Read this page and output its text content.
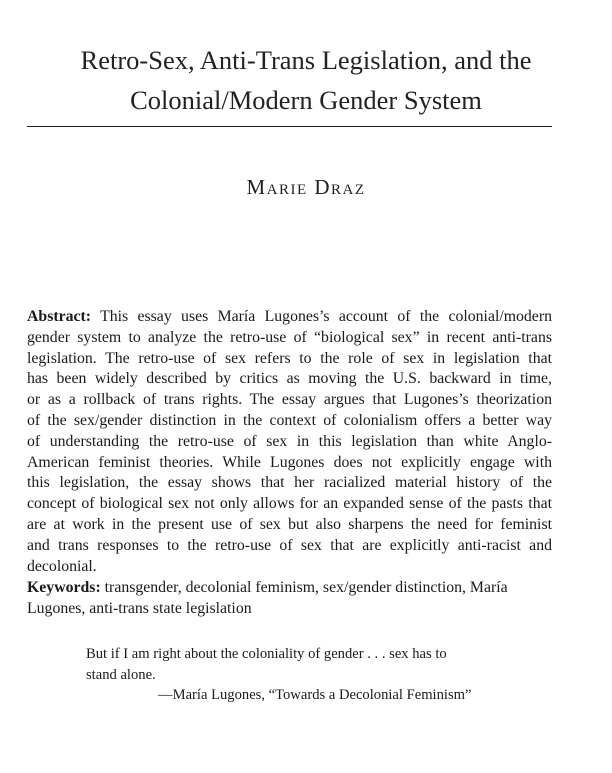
Retro-Sex, Anti-Trans Legislation, and the
Colonial/Modern Gender System
Marie Draz
Abstract: This essay uses María Lugones’s account of the colonial/modern
gender system to analyze the retro-use of “biological sex” in recent anti-trans
legislation. The retro-use of sex refers to the role of sex in legislation that
has been widely described by critics as moving the U.S. backward in time,
or as a rollback of trans rights. The essay argues that Lugones’s theorization
of the sex/gender distinction in the context of colonialism offers a better way
of understanding the retro-use of sex in this legislation than white Anglo-
American feminist theories. While Lugones does not explicitly engage with
this legislation, the essay shows that her racialized material history of the
concept of biological sex not only allows for an expanded sense of the pasts that
are at work in the present use of sex but also sharpens the need for feminist
and trans responses to the retro-use of sex that are explicitly anti-racist and
decolonial.
Keywords: transgender, decolonial feminism, sex/gender distinction, María
Lugones, anti-trans state legislation
But if I am right about the coloniality of gender . . . sex has to
stand alone.
—María Lugones, “Towards a Decolonial Feminism”
